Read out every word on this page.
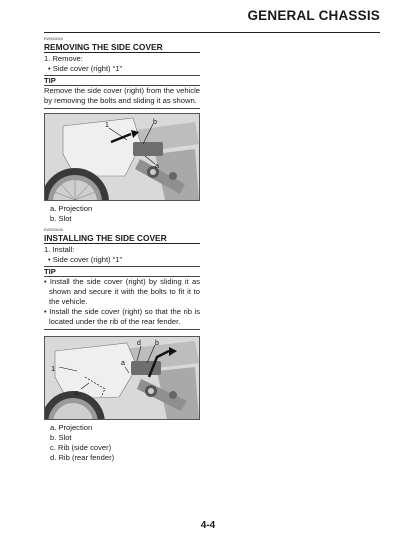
GENERAL CHASSIS
EWS63020
REMOVING THE SIDE COVER
1. Remove:
• Side cover (right) “1”
TIP
Remove the side cover (right) from the vehicle by removing the bolts and sliding it as shown.
1	b
a
a. Projection
b. Slot
EWS63040
INSTALLING THE SIDE COVER
1. Install:
• Side cover (right) “1”
TIP
• Install the side cover (right) by sliding it as shown and secure it with the bolts to fit it to the vehicle.
• Install the side cover (right) so that the rib is located under the rib of the rear fender.
1
d b
a
c
a. Projection
b. Slot
c. Rib (side cover)
d. Rib (rear fender)
4-4
